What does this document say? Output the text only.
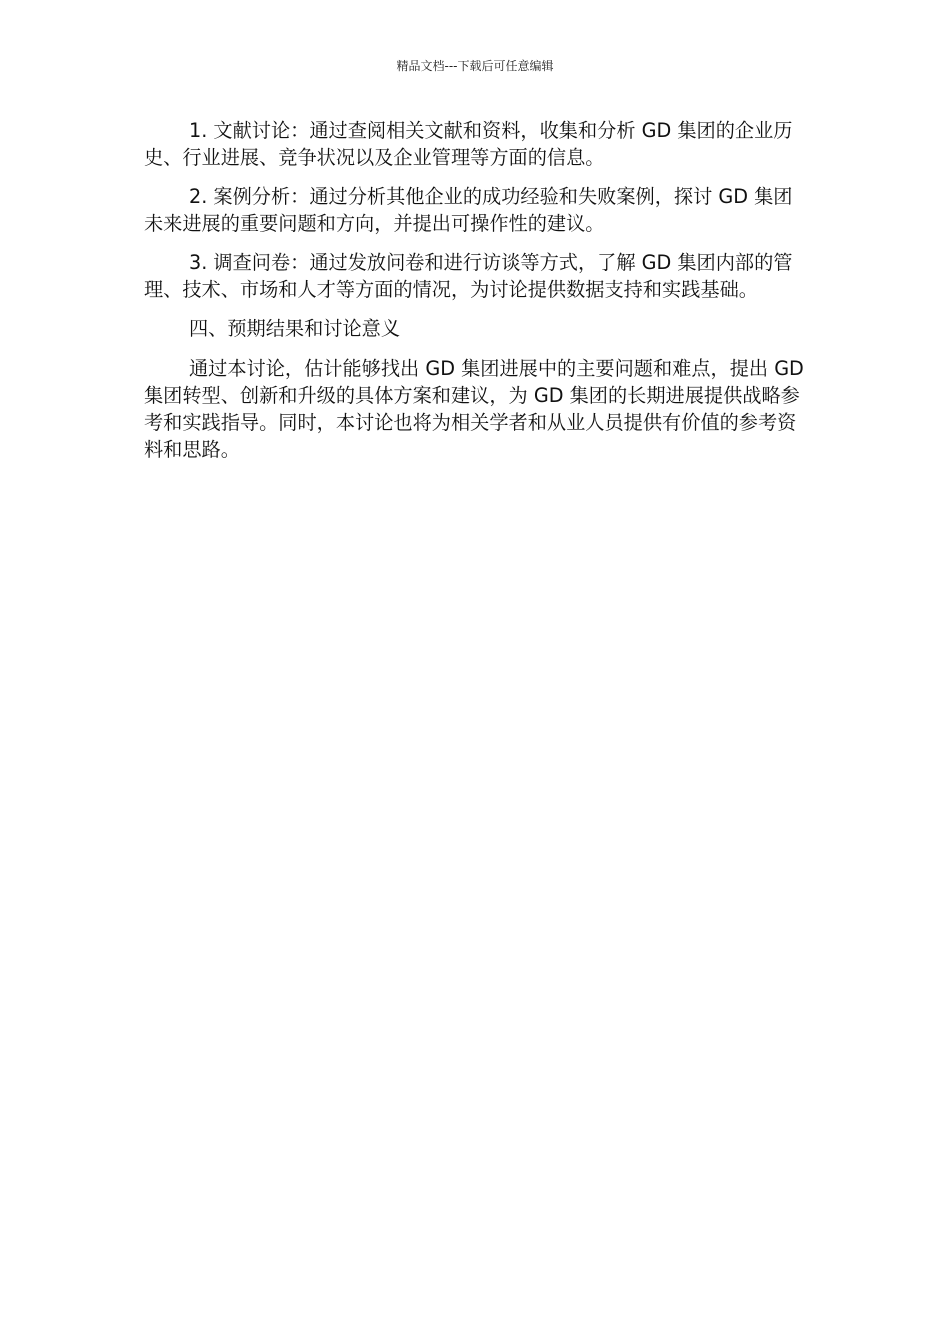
精品文档---下载后可任意编辑

1. 文献讨论：通过查阅相关文献和资料，收集和分析 GD 集团的企业历史、行业进展、竞争状况以及企业管理等方面的信息。

2. 案例分析：通过分析其他企业的成功经验和失败案例，探讨 GD 集团未来进展的重要问题和方向，并提出可操作性的建议。

3. 调查问卷：通过发放问卷和进行访谈等方式，了解 GD 集团内部的管理、技术、市场和人才等方面的情况，为讨论提供数据支持和实践基础。

四、预期结果和讨论意义

通过本讨论，估计能够找出 GD 集团进展中的主要问题和难点，提出 GD 集团转型、创新和升级的具体方案和建议，为 GD 集团的长期进展提供战略参考和实践指导。同时，本讨论也将为相关学者和从业人员提供有价值的参考资料和思路。
